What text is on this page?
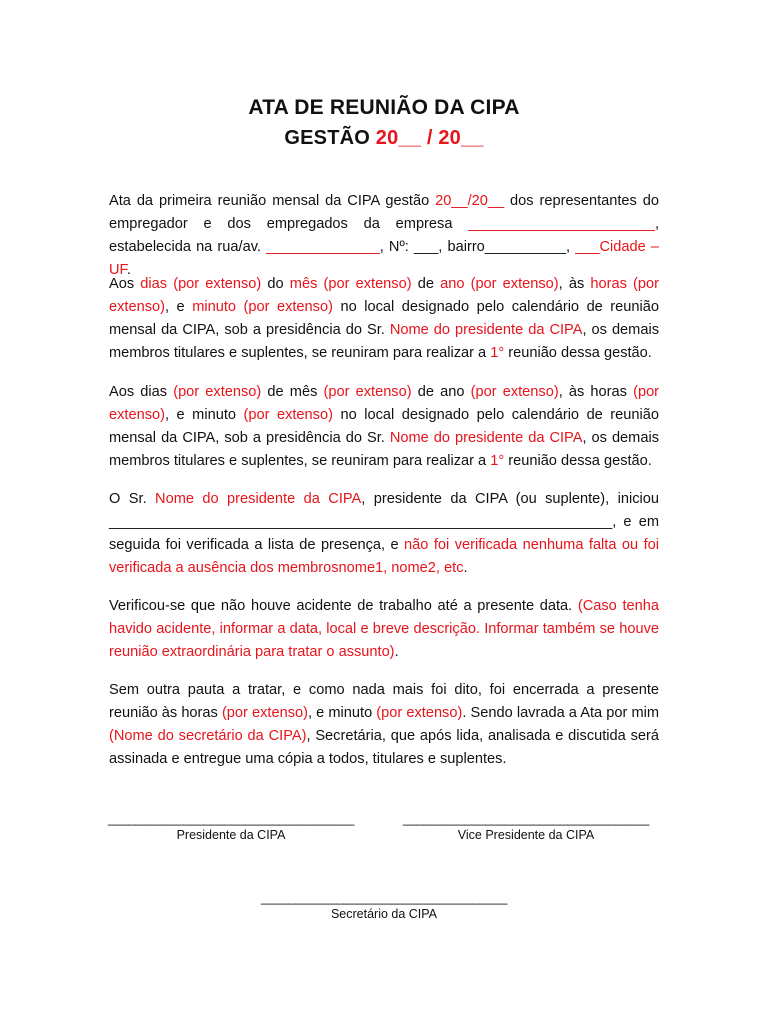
ATA DE REUNIÃO DA CIPA
GESTÃO 20__ / 20__

Ata da primeira reunião mensal da CIPA gestão 20__/20__ dos representantes do

empregador e dos empregados da empresa _______________________,

estabelecida na rua/av. ______________, Nº: ___, bairro__________, ___Cidade – UF.

Aos dias (por extenso) do mês (por extenso) de ano (por extenso), às horas (por extenso), e minuto (por extenso) no local designado pelo calendário de reunião mensal da CIPA, sob a presidência do Sr. Nome do presidente da CIPA, os demais membros titulares e suplentes, se reuniram para realizar a 1° reunião dessa gestão.

Aos dias (por extenso) de mês (por extenso) de ano (por extenso), às horas (por extenso), e minuto (por extenso) no local designado pelo calendário de reunião mensal da CIPA, sob a presidência do Sr. Nome do presidente da CIPA, os demais membros titulares e suplentes, se reuniram para realizar a 1° reunião dessa gestão.

O Sr. Nome do presidente da CIPA, presidente da CIPA (ou suplente), iniciou ______________________________________________________________, e em seguida foi verificada a lista de presença, e não foi verificada nenhuma falta ou foi verificada a ausência dos membrosnome1, nome2, etc.

Verificou-se que não houve acidente de trabalho até a presente data. (Caso tenha havido acidente, informar a data, local e breve descrição. Informar também se houve reunião extraordinária para tratar o assunto).

Sem outra pauta a tratar, e como nada mais foi dito, foi encerrada a presente reunião às horas (por extenso), e minuto (por extenso). Sendo lavrada a Ata por mim (Nome do secretário da CIPA), Secretária, que após lida, analisada e discutida será assinada e entregue uma cópia a todos, titulares e suplentes.

____________________________________
Presidente da CIPA
____________________________________
Vice Presidente da CIPA
____________________________________
Secretário da CIPA
